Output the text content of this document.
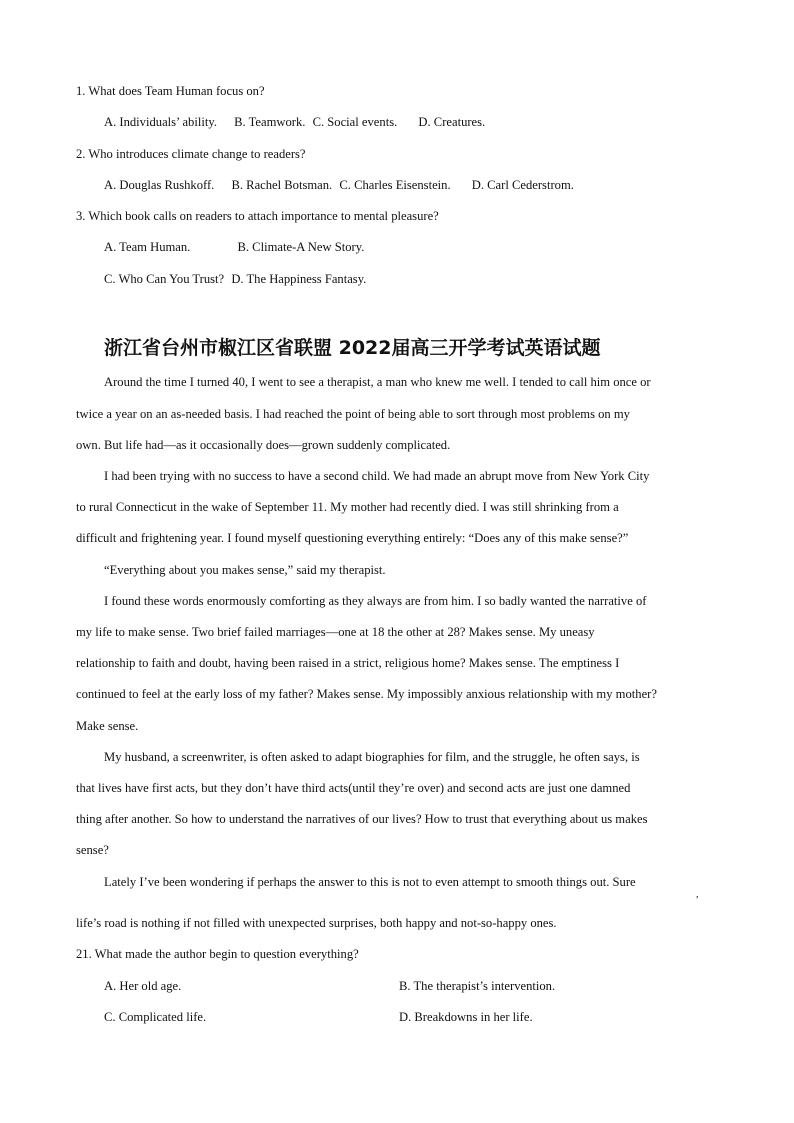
1. What does Team Human focus on?
A. Individuals’ ability. B. Teamwork. C. Social events. D. Creatures.
2. Who introduces climate change to readers?
A. Douglas Rushkoff. B. Rachel Botsman. C. Charles Eisenstein. D. Carl Cederstrom.
3. Which book calls on readers to attach importance to mental pleasure?
A. Team Human.	B. Climate-A New Story.
C. Who Can You Trust? D. The Happiness Fantasy.
浙江省台州市椒江区省联盟 2022届高三开学考试英语试题
Around the time I turned 40, I went to see a therapist, a man who knew me well. I tended to call him once or
twice a year on an as-needed basis. I had reached the point of being able to sort through most problems on my
own. But life had—as it occasionally does—grown suddenly complicated.
I had been trying with no success to have a second child. We had made an abrupt move from New York City
to rural Connecticut in the wake of September 11. My mother had recently died. I was still shrinking from a
difficult and frightening year. I found myself questioning everything entirely: “Does any of this make sense?”
“Everything about you makes sense,” said my therapist.
I found these words enormously comforting as they always are from him. I so badly wanted the narrative of
my life to make sense. Two brief failed marriages—one at 18 the other at 28? Makes sense. My uneasy
relationship to faith and doubt, having been raised in a strict, religious home? Makes sense. The emptiness I
continued to feel at the early loss of my father? Makes sense. My impossibly anxious relationship with my mother?
Make sense.
My husband, a screenwriter, is often asked to adapt biographies for film, and the struggle, he often says, is
that lives have first acts, but they don’t have third acts(until they’re over) and second acts are just one damned
thing after another. So how to understand the narratives of our lives? How to trust that everything about us makes
sense?
Lately I’ve been wondering if perhaps the answer to this is not to even attempt to smooth things out. Sure
,
life’s road is nothing if not filled with unexpected surprises, both happy and not-so-happy ones.
21. What made the author begin to question everything?
A. Her old age.	B. The therapist’s intervention.
C. Complicated life.	D. Breakdowns in her life.
